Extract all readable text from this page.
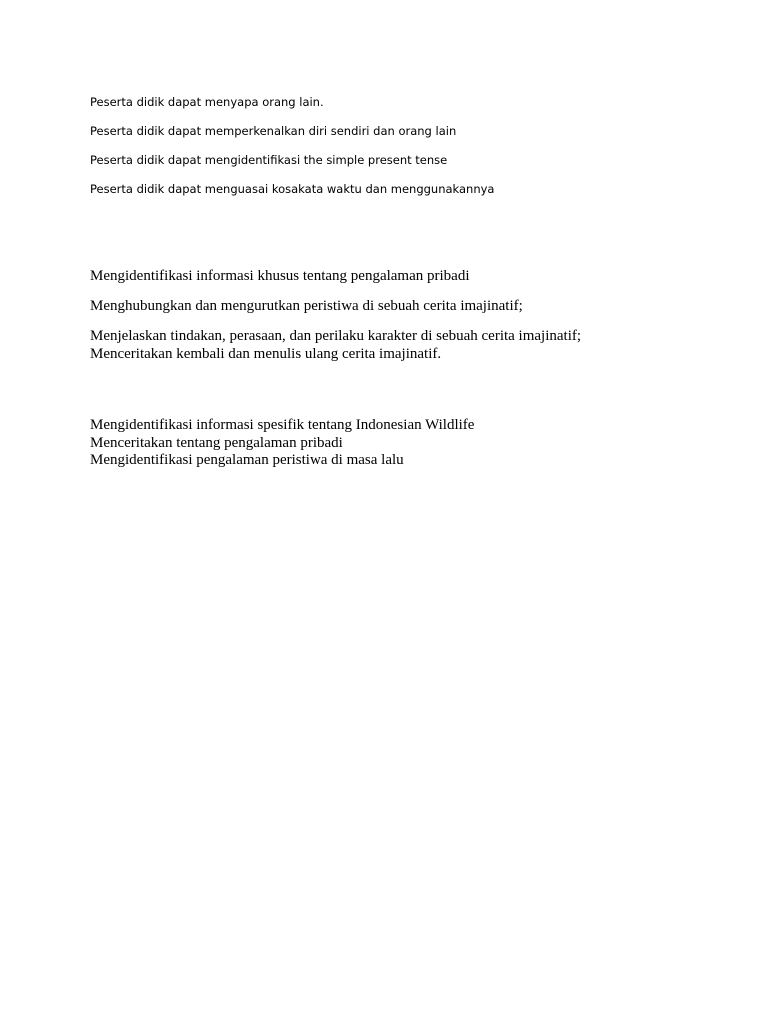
Peserta didik dapat menyapa orang lain.

Peserta didik dapat memperkenalkan diri sendiri dan orang lain

Peserta didik dapat mengidentifikasi the simple present tense

Peserta didik dapat menguasai kosakata waktu dan menggunakannya

Mengidentifikasi informasi khusus tentang pengalaman pribadi

Menghubungkan dan mengurutkan peristiwa di sebuah cerita imajinatif;

Menjelaskan tindakan, perasaan, dan perilaku karakter di sebuah cerita imajinatif;

Menceritakan kembali dan menulis ulang cerita imajinatif.

Mengidentifikasi informasi spesifik tentang Indonesian Wildlife

Menceritakan tentang pengalaman pribadi

Mengidentifikasi pengalaman peristiwa di masa lalu
